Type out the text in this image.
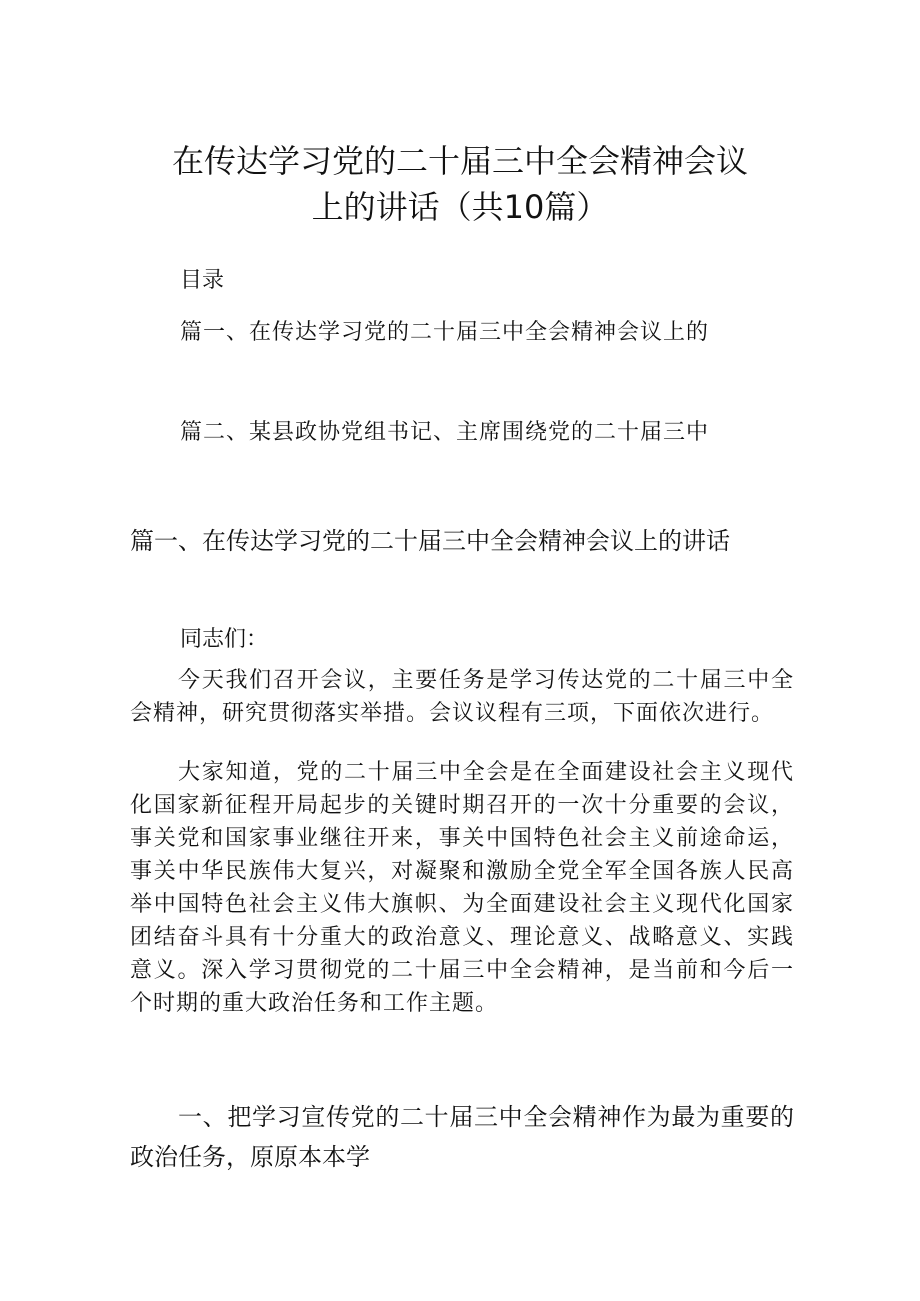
在传达学习党的二十届三中全会精神会议
上的讲话（共10篇）
目录
篇一、在传达学习党的二十届三中全会精神会议上的
篇二、某县政协党组书记、主席围绕党的二十届三中
篇一、在传达学习党的二十届三中全会精神会议上的讲话
同志们：
今天我们召开会议，主要任务是学习传达党的二十届三中全会精神，研究贯彻落实举措。会议议程有三项，下面依次进行。
大家知道，党的二十届三中全会是在全面建设社会主义现代化国家新征程开局起步的关键时期召开的一次十分重要的会议，事关党和国家事业继往开来，事关中国特色社会主义前途命运，事关中华民族伟大复兴，对凝聚和激励全党全军全国各族人民高举中国特色社会主义伟大旗帜、为全面建设社会主义现代化国家团结奋斗具有十分重大的政治意义、理论意义、战略意义、实践意义。深入学习贯彻党的二十届三中全会精神，是当前和今后一个时期的重大政治任务和工作主题。
一、把学习宣传党的二十届三中全会精神作为最为重要的政治任务，原原本本学
